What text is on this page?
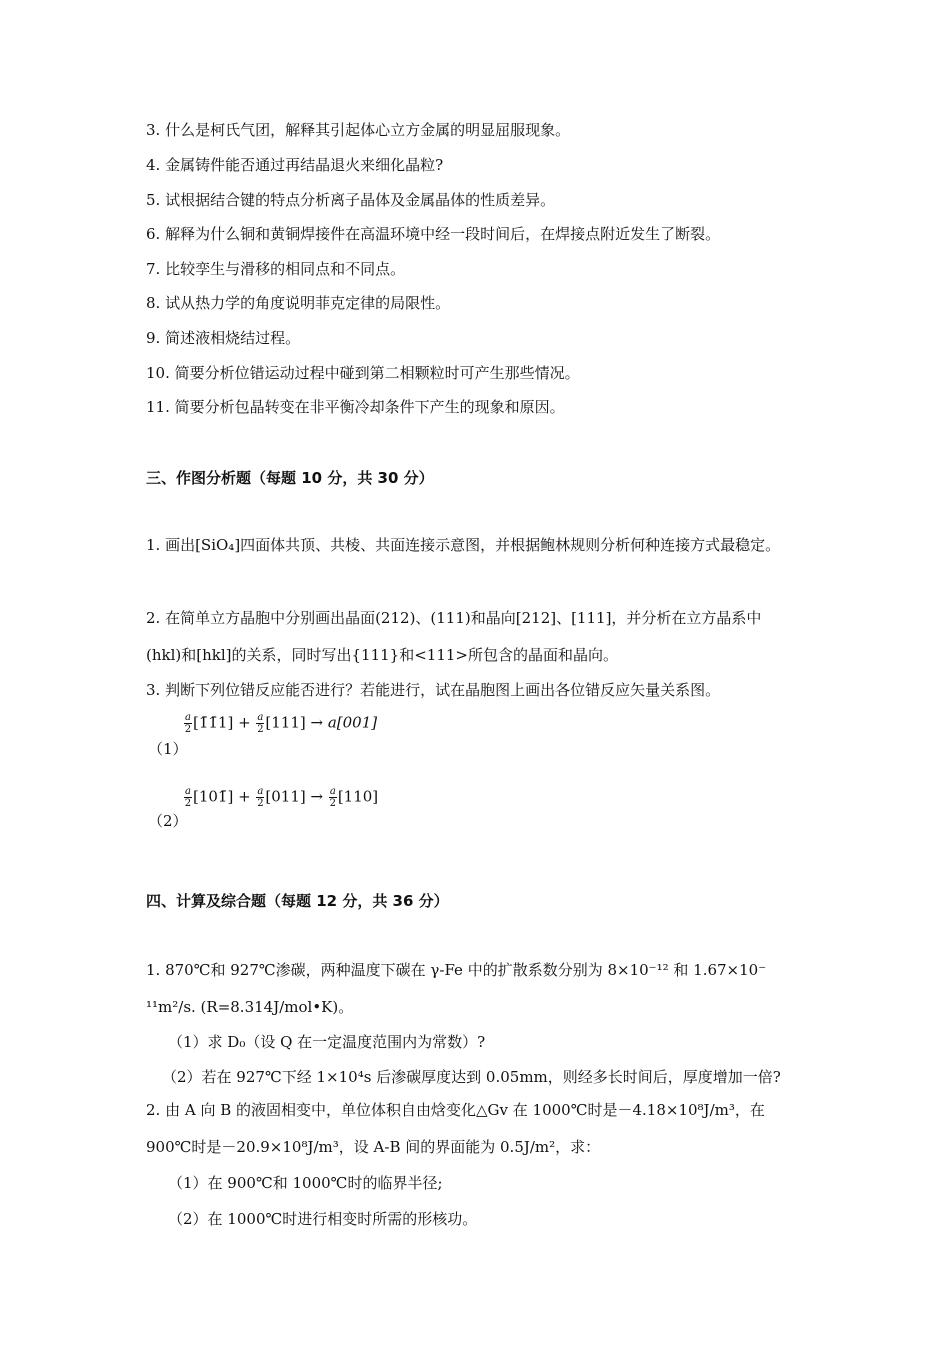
3. 什么是柯氏气团，解释其引起体心立方金属的明显屈服现象。
4. 金属铸件能否通过再结晶退火来细化晶粒?
5. 试根据结合键的特点分析离子晶体及金属晶体的性质差异。
6. 解释为什么铜和黄铜焊接件在高温环境中经一段时间后，在焊接点附近发生了断裂。
7. 比较孪生与滑移的相同点和不同点。
8. 试从热力学的角度说明菲克定律的局限性。
9. 简述液相烧结过程。
10. 简要分析位错运动过程中碰到第二相颗粒时可产生那些情况。
11. 简要分析包晶转变在非平衡冷却条件下产生的现象和原因。
三、作图分析题（每题 10 分，共 30 分）
1. 画出[SiO₄]四面体共顶、共棱、共面连接示意图，并根据鲍林规则分析何种连接方式最稳定。
2. 在简单立方晶胞中分别画出晶面(212)、(111)和晶向[212]、[111]，并分析在立方晶系中
(hkl)和[hkl]的关系，同时写出{111}和<111>所包含的晶面和晶向。
3. 判断下列位错反应能否进行？若能进行，试在晶胞图上画出各位错反应矢量关系图。
$\frac{a}{2}$ [1̄1̄1] + $\frac{a}{2} [111] \to a[001]$
（1）
$\frac{a}{2}$ [101̄] + $\frac{a}{2} [011] \to \frac{a}{2} [110]$
（2）
四、计算及综合题（每题 12 分，共 36 分）
1. 870℃和 927℃渗碳，两种温度下碳在 γ-Fe 中的扩散系数分别为 8×10⁻¹² 和 1.67×10⁻
¹¹m²/s. (R=8.314J/mol•K)。
（1）求 D₀（设 Q 在一定温度范围内为常数）?
（2）若在 927℃下经 1×10⁴s 后渗碳厚度达到 0.05mm，则经多长时间后，厚度增加一倍?
2. 由 A 向 B 的液固相变中，单位体积自由焓变化△Gv 在 1000℃时是－4.18×10⁸J/m³，在
900℃时是－20.9×10⁸J/m³，设 A-B 间的界面能为 0.5J/m²，求：
（1）在 900℃和 1000℃时的临界半径;
（2）在 1000℃时进行相变时所需的形核功。
